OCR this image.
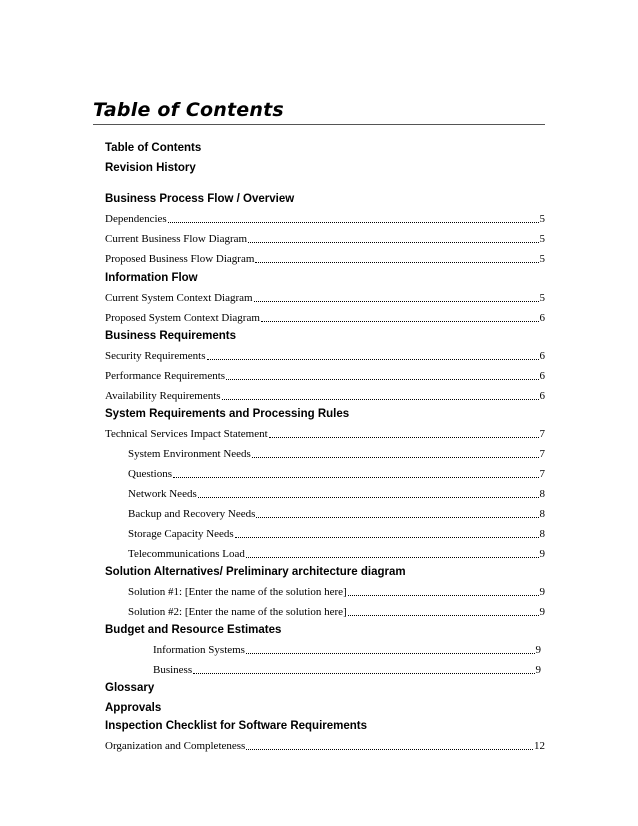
Table of Contents
Table of Contents
Revision History
Business Process Flow / Overview
Dependencies	5
Current Business Flow Diagram	5
Proposed Business Flow Diagram	5
Information Flow
Current System Context Diagram	5
Proposed System Context Diagram	6
Business Requirements
Security Requirements	6
Performance Requirements	6
Availability Requirements	6
System Requirements and Processing Rules
Technical Services Impact Statement	7
System Environment Needs	7
Questions	7
Network Needs	8
Backup and Recovery Needs	8
Storage Capacity Needs	8
Telecommunications Load	9
Solution Alternatives/ Preliminary architecture diagram
Solution #1: [Enter the name of the solution here]	9
Solution #2: [Enter the name of the solution here]	9
Budget and Resource Estimates
Information Systems	9
Business	9
Glossary
Approvals
Inspection Checklist for Software Requirements
Organization and Completeness	12
